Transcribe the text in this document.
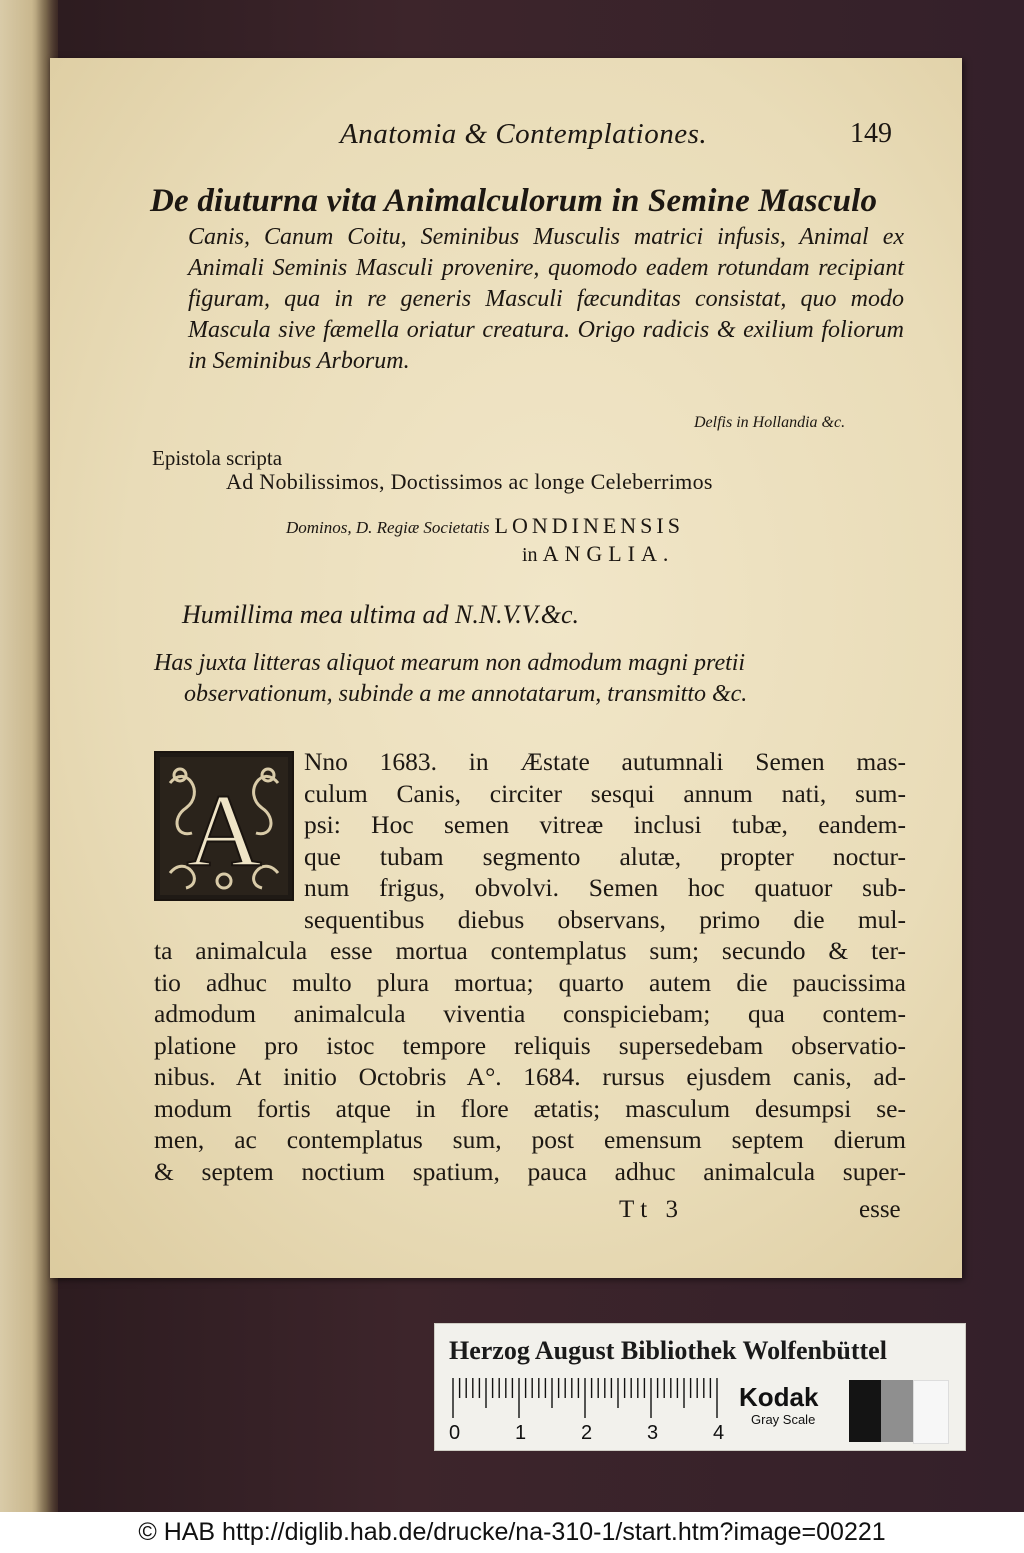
Anatomia & Contemplationes.	149
De diuturna vita Animalculorum in Semine Masculo
Canis, Canum Coitu, Seminibus Musculis matrici infusis, Animal ex Animali Seminis Masculi provenire, quomodo eadem rotundam recipiant figuram, qua in re generis Masculi fæcunditas consistat, quo modo Mascula sive fæmella oriatur creatura. Origo radicis & exilium foliorum in Seminibus Arborum.
Delfis in Hollandia &c.
Epistola scripta
Ad Nobilissimos, Doctissimos ac longe Celeberrimos
Dominos, D. Regiæ Societatis LONDINENSIS
in ANGLIA.
Humillima mea ultima ad N.N.V.V.&c.
Has juxta litteras aliquot mearum non admodum magni pretii
observationum, subinde a me annotatarum, transmitto &c.
A
Nno 1683. in Æstate autumnali Semen mas-
culum Canis, circiter sesqui annum nati, sum-
psi: Hoc semen vitreæ inclusi tubæ, eandem-
que tubam segmento alutæ, propter noctur-
num frigus, obvolvi. Semen hoc quatuor sub-
sequentibus diebus observans, primo die mul-
ta animalcula esse mortua contemplatus sum; secundo & ter-
tio adhuc multo plura mortua; quarto autem die paucissima
admodum animalcula viventia conspiciebam; qua contem-
platione pro istoc tempore reliquis supersedebam observatio-
nibus. At initio Octobris A°. 1684. rursus ejusdem canis, ad-
modum fortis atque in flore ætatis; masculum desumpsi se-
men, ac contemplatus sum, post emensum septem dierum
& septem noctium spatium, pauca adhuc animalcula super-
Tt 3	esse
Herzog August Bibliothek Wolfenbüttel
0	1	2	3	4
Kodak
Gray Scale
© HAB http://diglib.hab.de/drucke/na-310-1/start.htm?image=00221
